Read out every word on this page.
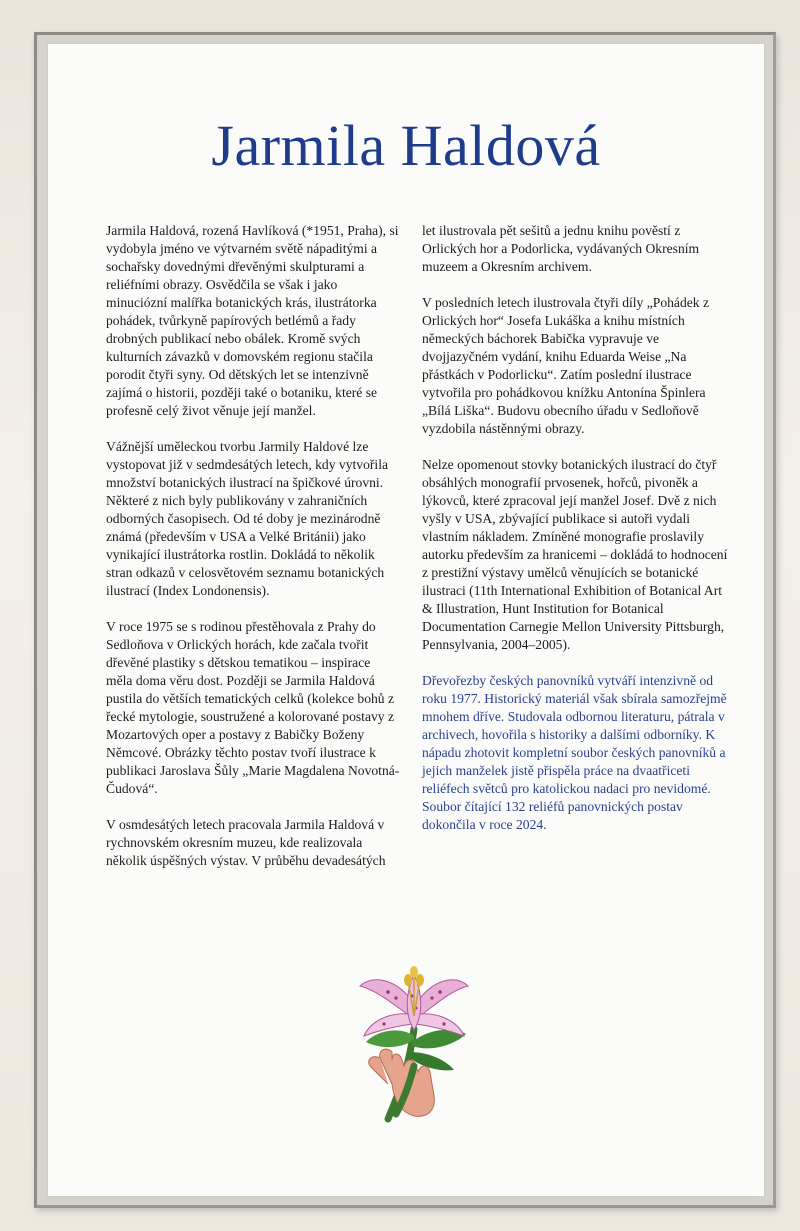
Jarmila Haldová

Jarmila Haldová, rozená Havlíková (*1951, Praha), si vydobyla jméno ve výtvarném světě nápaditými a sochařsky dovednými dřevěnými skulpturami a reliéfními obrazy. Osvědčila se však i jako minuciózní malířka botanických krás, ilustrátorka pohádek, tvůrkyně papírových betlémů a řady drobných publikací nebo obálek. Kromě svých kulturních závazků v domovském regionu stačila porodit čtyři syny. Od dětských let se intenzivně zajímá o historii, později také o botaniku, které se profesně celý život věnuje její manžel.

Vážnější uměleckou tvorbu Jarmily Haldové lze vystopovat již v sedmdesátých letech, kdy vytvořila množství botanických ilustrací na špičkové úrovni. Některé z nich byly publikovány v zahraničních odborných časopisech. Od té doby je mezinárodně známá (především v USA a Velké Británii) jako vynikající ilustrátorka rostlin. Dokládá to několik stran odkazů v celosvětovém seznamu botanických ilustrací (Index Londonensis).

V roce 1975 se s rodinou přestěhovala z Prahy do Sedloňova v Orlických horách, kde začala tvořit dřevěné plastiky s dětskou tematikou – inspirace měla doma věru dost. Později se Jarmila Haldová pustila do větších tematických celků (kolekce bohů z řecké mytologie, soustružené a kolorované postavy z Mozartových oper a postavy z Babičky Boženy Němcové. Obrázky těchto postav tvoří ilustrace k publikaci Jaroslava Šůly „Marie Magdalena Novotná-Čudová“.

V osmdesátých letech pracovala Jarmila Haldová v rychnovském okresním muzeu, kde realizovala několik úspěšných výstav. V průběhu devadesátých

let ilustrovala pět sešitů a jednu knihu pověstí z Orlických hor a Podorlicka, vydávaných Okresním muzeem a Okresním archivem.

V posledních letech ilustrovala čtyři díly „Pohádek z Orlických hor“ Josefa Lukáška a knihu místních německých báchorek Babička vypravuje ve dvojjazyčném vydání, knihu Eduarda Weise „Na přástkách v Podorlicku“. Zatím poslední ilustrace vytvořila pro pohádkovou knížku Antonína Špinlera „Bílá Liška“. Budovu obecního úřadu v Sedloňově vyzdobila nástěnnými obrazy.

Nelze opomenout stovky botanických ilustrací do čtyř obsáhlých monografií prvosenek, hořců, pivoněk a lýkovců, které zpracoval její manžel Josef. Dvě z nich vyšly v USA, zbývající publikace si autoři vydali vlastním nákladem. Zmíněné monografie proslavily autorku především za hranicemi – dokládá to hodnocení z prestižní výstavy umělců věnujících se botanické ilustraci (11th International Exhibition of Botanical Art & Illustration, Hunt Institution for Botanical Documentation Carnegie Mellon University Pittsburgh, Pennsylvania, 2004–2005).

Dřevořezby českých panovníků vytváří intenzivně od roku 1977. Historický materiál však sbírala samozřejmě mnohem dříve. Studovala odbornou literaturu, pátrala v archivech, hovořila s historiky a dalšími odborníky. K nápadu zhotovit kompletní soubor českých panovníků a jejich manželek jistě přispěla práce na dvaatřiceti reliéfech světců pro katolickou nadaci pro nevidomé. Soubor čítající 132 reliéfů panovnických postav dokončila v roce 2024.
